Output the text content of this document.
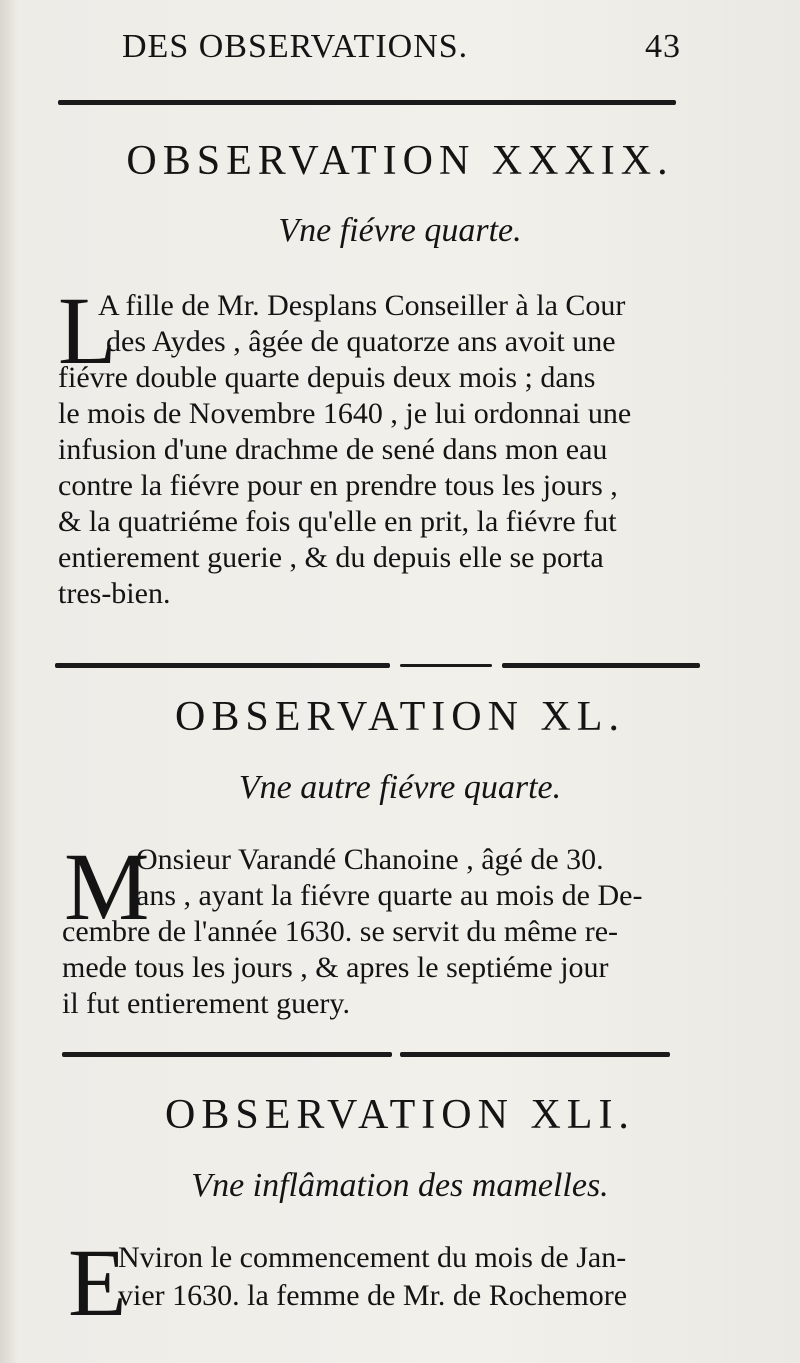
DES OBSERVATIONS.	43
OBSERVATION XXXIX.
Vne fiévre quarte.
L
A fille de Mr. Desplans Conseiller à la Cour
des Aydes , âgée de quatorze ans avoit une
fiévre double quarte depuis deux mois ; dans
le mois de Novembre 1640 , je lui ordonnai une
infusion d'une drachme de sené dans mon eau
contre la fiévre pour en prendre tous les jours ,
& la quatriéme fois qu'elle en prit, la fiévre fut
entierement guerie , & du depuis elle se porta
tres-bien.
OBSERVATION XL.
Vne autre fiévre quarte.
M
Onsieur Varandé Chanoine , âgé de 30.
ans , ayant la fiévre quarte au mois de De-
cembre de l'année 1630. se servit du même re-
mede tous les jours , & apres le septiéme jour
il fut entierement guery.
OBSERVATION XLI.
Vne inflâmation des mamelles.
E
Nviron le commencement du mois de Jan-
vier 1630. la femme de Mr. de Rochemore
